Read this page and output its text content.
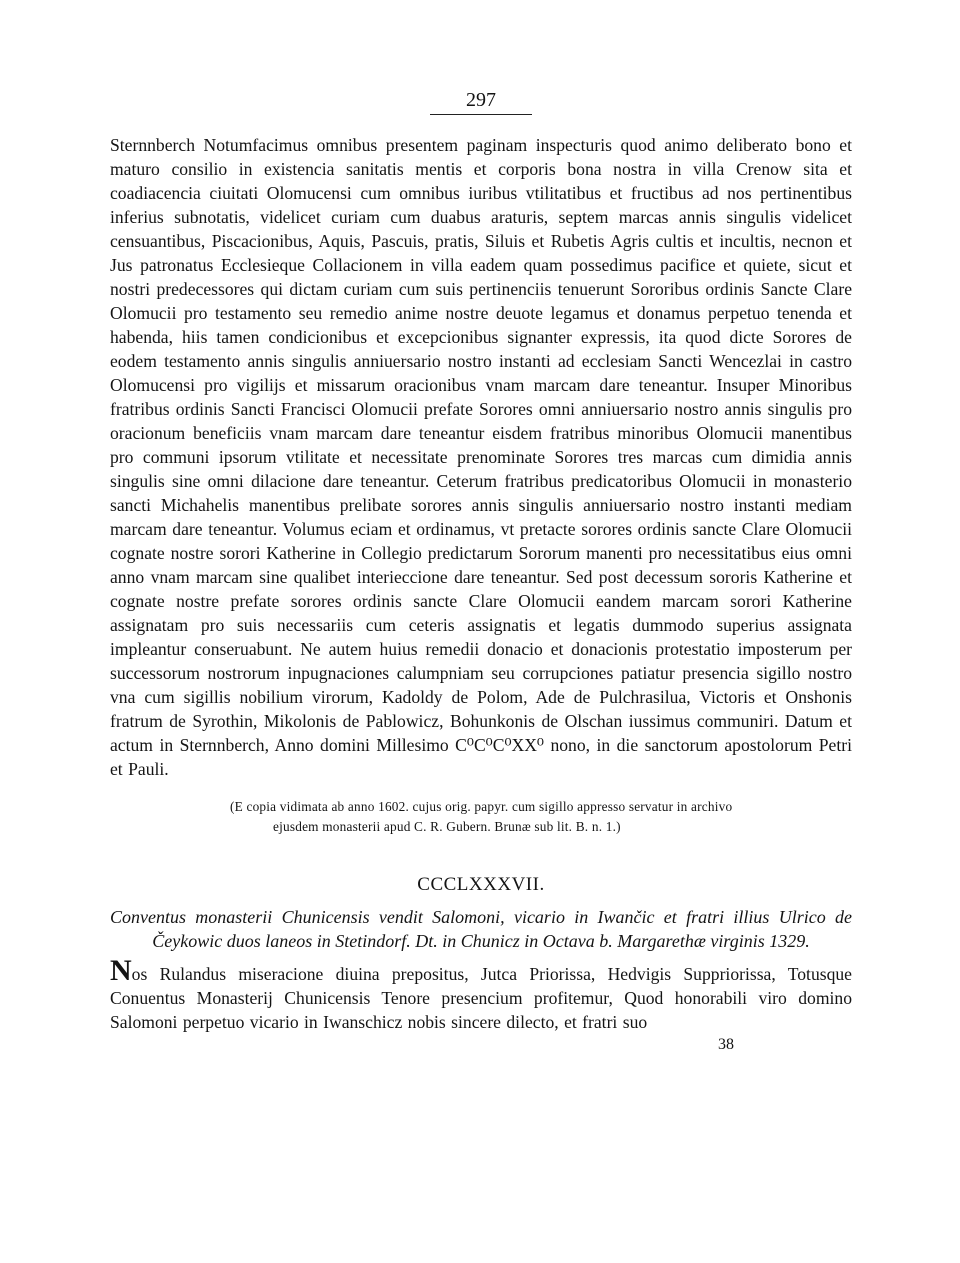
297

Sternnberch Notumfacimus omnibus presentem paginam inspecturis quod animo deliberato bono et maturo consilio in existencia sanitatis mentis et corporis bona nostra in villa Crenow sita et coadiacencia ciuitati Olomucensi cum omnibus iuribus vtilitatibus et fructibus ad nos pertinentibus inferius subnotatis, videlicet curiam cum duabus araturis, septem marcas annis singulis videlicet censuantibus, Piscacionibus, Aquis, Pascuis, pratis, Siluis et Rubetis Agris cultis et incultis, necnon et Jus patronatus Ecclesieque Collacionem in villa eadem quam possedimus pacifice et quiete, sicut et nostri predecessores qui dictam curiam cum suis pertinenciis tenuerunt Sororibus ordinis Sancte Clare Olomucii pro testamento seu remedio anime nostre deuote legamus et donamus perpetuo tenenda et habenda, hiis tamen condicionibus et excepcionibus signanter expressis, ita quod dicte Sorores de eodem testamento annis singulis anniuersario nostro instanti ad ecclesiam Sancti Wencezlai in castro Olomucensi pro vigilijs et missarum oracionibus vnam marcam dare teneantur. Insuper Minoribus fratribus ordinis Sancti Francisci Olomucii prefate Sorores omni anniuersario nostro annis singulis pro oracionum beneficiis vnam marcam dare teneantur eisdem fratribus minoribus Olomucii manentibus pro communi ipsorum vtilitate et necessitate prenominate Sorores tres marcas cum dimidia annis singulis sine omni dilacione dare teneantur. Ceterum fratribus predicatoribus Olomucii in monasterio sancti Michahelis manentibus prelibate sorores annis singulis anniuersario nostro instanti mediam marcam dare teneantur. Volumus eciam et ordinamus, vt pretacte sorores ordinis sancte Clare Olomucii cognate nostre sorori Katherine in Collegio predictarum Sororum manenti pro necessitatibus eius omni anno vnam marcam sine qualibet interieccione dare teneantur. Sed post decessum sororis Katherine et cognate nostre prefate sorores ordinis sancte Clare Olomucii eandem marcam sorori Katherine assignatam pro suis necessariis cum ceteris assignatis et legatis dummodo superius assignata impleantur conseruabunt. Ne autem huius remedii donacio et donacionis protestatio imposterum per successorum nostrorum inpugnaciones calumpniam seu corrupciones patiatur presencia sigillo nostro vna cum sigillis nobilium virorum, Kadoldy de Polom, Ade de Pulchrasilua, Victoris et Onshonis fratrum de Syrothin, Mikolonis de Pablowicz, Bohunkonis de Olschan iussimus communiri. Datum et actum in Sternnberch, Anno domini Millesimo C⁰C⁰C⁰XX⁰ nono, in die sanctorum apostolorum Petri et Pauli.

(E copia vidimata ab anno 1602. cujus orig. papyr. cum sigillo appresso servatur in archivo
ejusdem monasterii apud C. R. Gubern. Brunæ sub lit. B. n. 1.)
CCCLXXXVII.

Conventus monasterii Chunicensis vendit Salomoni, vicario in Iwančic et fratri illius Ulrico de Čeykowic duos laneos in Stetindorf. Dt. in Chunicz in Octava b. Margarethæ virginis 1329.

Nos Rulandus miseracione diuina prepositus, Jutca Priorissa, Hedvigis Suppriorissa, Totusque Conuentus Monasterij Chunicensis Tenore presencium profitemur, Quod honorabili viro domino Salomoni perpetuo vicario in Iwanschicz nobis sincere dilecto, et fratri suo

38
